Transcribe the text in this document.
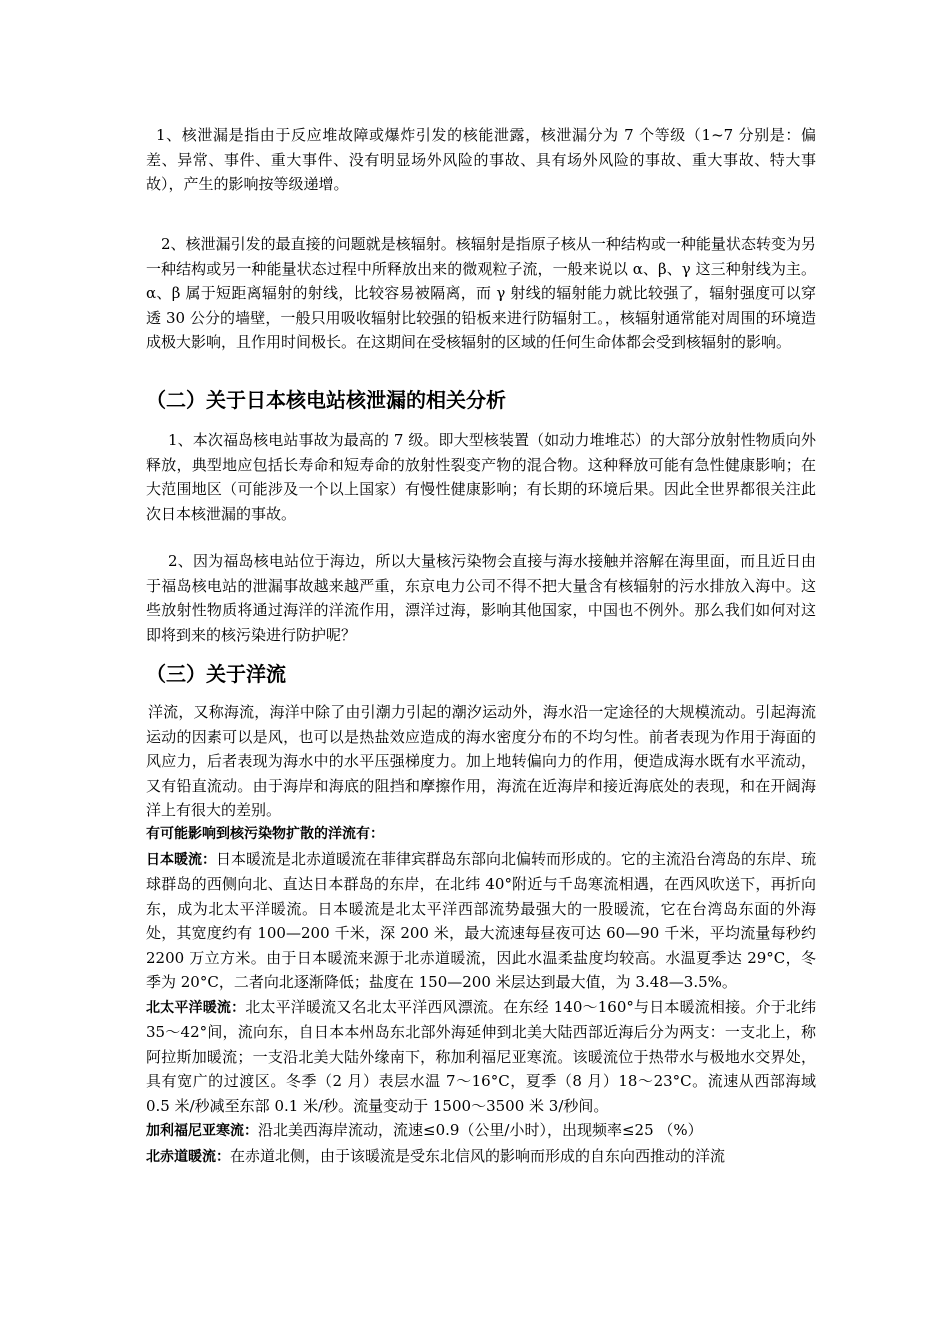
1、核泄漏是指由于反应堆故障或爆炸引发的核能泄露，核泄漏分为 7 个等级（1~7 分别是：偏差、异常、事件、重大事件、没有明显场外风险的事故、具有场外风险的事故、重大事故、特大事故），产生的影响按等级递增。

2、核泄漏引发的最直接的问题就是核辐射。核辐射是指原子核从一种结构或一种能量状态转变为另一种结构或另一种能量状态过程中所释放出来的微观粒子流，一般来说以 α、β、γ 这三种射线为主。α、β 属于短距离辐射的射线，比较容易被隔离，而 γ 射线的辐射能力就比较强了，辐射强度可以穿透 30 公分的墙壁，一般只用吸收辐射比较强的铅板来进行防辐射工。，核辐射通常能对周围的环境造成极大影响，且作用时间极长。在这期间在受核辐射的区域的任何生命体都会受到核辐射的影响。

（二）关于日本核电站核泄漏的相关分析

1、本次福岛核电站事故为最高的 7 级。即大型核装置（如动力堆堆芯）的大部分放射性物质向外释放，典型地应包括长寿命和短寿命的放射性裂变产物的混合物。这种释放可能有急性健康影响；在大范围地区（可能涉及一个以上国家）有慢性健康影响；有长期的环境后果。因此全世界都很关注此次日本核泄漏的事故。

2、因为福岛核电站位于海边，所以大量核污染物会直接与海水接触并溶解在海里面，而且近日由于福岛核电站的泄漏事故越来越严重，东京电力公司不得不把大量含有核辐射的污水排放入海中。这些放射性物质将通过海洋的洋流作用，漂洋过海，影响其他国家，中国也不例外。那么我们如何对这即将到来的核污染进行防护呢？

（三）关于洋流

洋流，又称海流，海洋中除了由引潮力引起的潮汐运动外，海水沿一定途径的大规模流动。引起海流运动的因素可以是风，也可以是热盐效应造成的海水密度分布的不均匀性。前者表现为作用于海面的风应力，后者表现为海水中的水平压强梯度力。加上地转偏向力的作用，便造成海水既有水平流动，又有铅直流动。由于海岸和海底的阻挡和摩擦作用，海流在近海岸和接近海底处的表现，和在开阔海洋上有很大的差别。

有可能影响到核污染物扩散的洋流有：
日本暖流：日本暖流是北赤道暖流在菲律宾群岛东部向北偏转而形成的。它的主流沿台湾岛的东岸、琉球群岛的西侧向北、直达日本群岛的东岸，在北纬 40°附近与千岛寒流相遇，在西风吹送下，再折向东，成为北太平洋暖流。日本暖流是北太平洋西部流势最强大的一股暖流，它在台湾岛东面的外海处，其宽度约有 100—200 千米，深 200 米，最大流速每昼夜可达 60—90 千米，平均流量每秒约 2200 万立方米。由于日本暖流来源于北赤道暖流，因此水温柔盐度均较高。水温夏季达 29°C，冬季为 20°C，二者向北逐渐降低；盐度在 150—200 米层达到最大值，为 3.48—3.5%。
北太平洋暖流：北太平洋暖流又名北太平洋西风漂流。在东经 140～160°与日本暖流相接。介于北纬 35～42°间，流向东，自日本本州岛东北部外海延伸到北美大陆西部近海后分为两支：一支北上，称阿拉斯加暖流；一支沿北美大陆外缘南下，称加利福尼亚寒流。该暖流位于热带水与极地水交界处，具有宽广的过渡区。冬季（2 月）表层水温 7～16°C，夏季（8 月）18～23°C。流速从西部海域 0.5 米/秒减至东部 0.1 米/秒。流量变动于 1500～3500 米 3/秒间。
加利福尼亚寒流：沿北美西海岸流动，流速≤0.9（公里/小时），出现频率≤25 （%）
北赤道暖流：在赤道北侧，由于该暖流是受东北信风的影响而形成的自东向西推动的洋流
